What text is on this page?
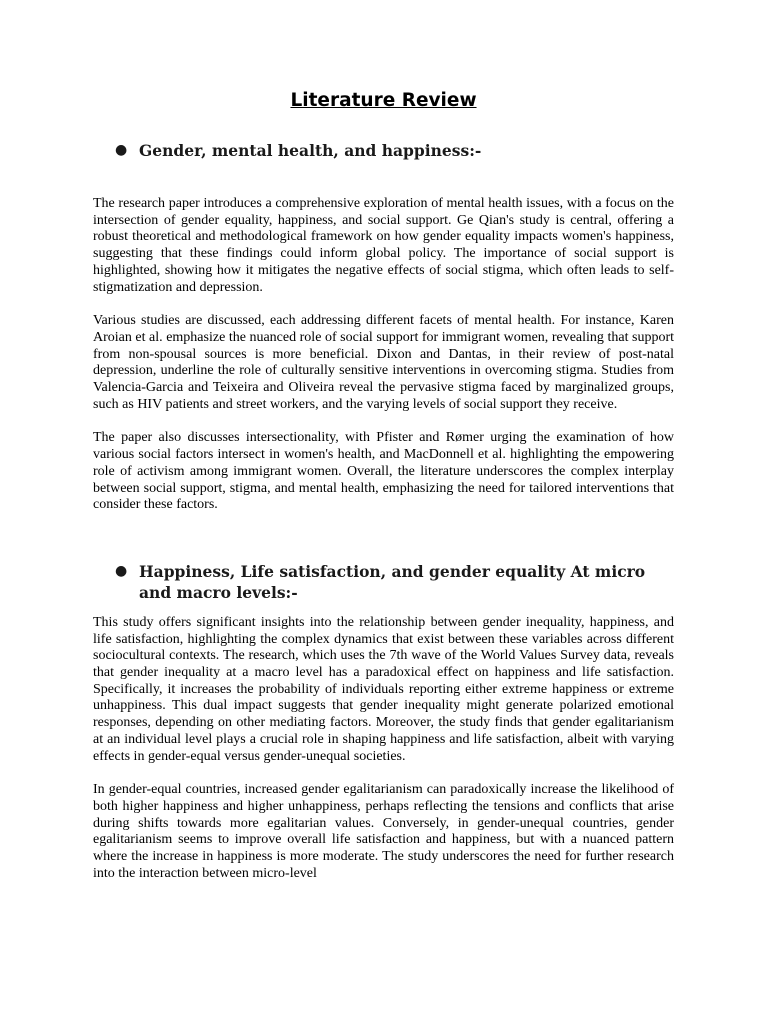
Literature Review
● Gender, mental health, and happiness:-

The research paper introduces a comprehensive exploration of mental health issues, with a focus on the intersection of gender equality, happiness, and social support. Ge Qian's study is central, offering a robust theoretical and methodological framework on how gender equality impacts women's happiness, suggesting that these findings could inform global policy. The importance of social support is highlighted, showing how it mitigates the negative effects of social stigma, which often leads to self-stigmatization and depression.

Various studies are discussed, each addressing different facets of mental health. For instance, Karen Aroian et al. emphasize the nuanced role of social support for immigrant women, revealing that support from non-spousal sources is more beneficial. Dixon and Dantas, in their review of post-natal depression, underline the role of culturally sensitive interventions in overcoming stigma. Studies from Valencia-Garcia and Teixeira and Oliveira reveal the pervasive stigma faced by marginalized groups, such as HIV patients and street workers, and the varying levels of social support they receive.

The paper also discusses intersectionality, with Pfister and Rømer urging the examination of how various social factors intersect in women's health, and MacDonnell et al. highlighting the empowering role of activism among immigrant women. Overall, the literature underscores the complex interplay between social support, stigma, and mental health, emphasizing the need for tailored interventions that consider these factors.

● Happiness, Life satisfaction, and gender equality At micro and macro levels:-

This study offers significant insights into the relationship between gender inequality, happiness, and life satisfaction, highlighting the complex dynamics that exist between these variables across different sociocultural contexts. The research, which uses the 7th wave of the World Values Survey data, reveals that gender inequality at a macro level has a paradoxical effect on happiness and life satisfaction. Specifically, it increases the probability of individuals reporting either extreme happiness or extreme unhappiness. This dual impact suggests that gender inequality might generate polarized emotional responses, depending on other mediating factors. Moreover, the study finds that gender egalitarianism at an individual level plays a crucial role in shaping happiness and life satisfaction, albeit with varying effects in gender-equal versus gender-unequal societies.

In gender-equal countries, increased gender egalitarianism can paradoxically increase the likelihood of both higher happiness and higher unhappiness, perhaps reflecting the tensions and conflicts that arise during shifts towards more egalitarian values. Conversely, in gender-unequal countries, gender egalitarianism seems to improve overall life satisfaction and happiness, but with a nuanced pattern where the increase in happiness is more moderate. The study underscores the need for further research into the interaction between micro-level
